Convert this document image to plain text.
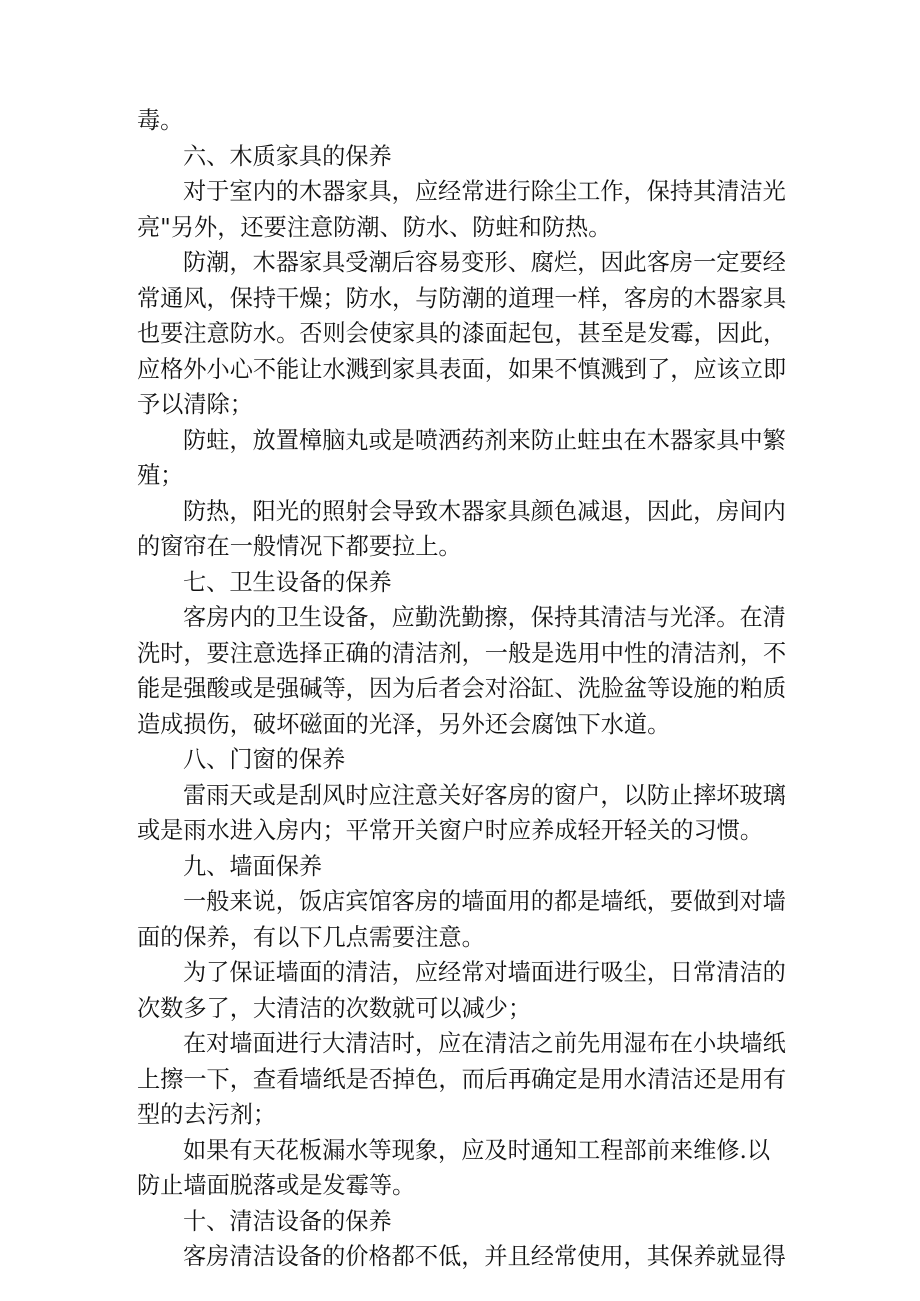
毒。
六、木质家具的保养
对于室内的木器家具，应经常进行除尘工作，保持其清洁光
亮"另外，还要注意防潮、防水、防蛀和防热。
防潮，木器家具受潮后容易变形、腐烂，因此客房一定要经
常通风，保持干燥；防水，与防潮的道理一样，客房的木器家具
也要注意防水。否则会使家具的漆面起包，甚至是发霉，因此，
应格外小心不能让水溅到家具表面，如果不慎溅到了，应该立即
予以清除；
防蛀，放置樟脑丸或是喷洒药剂来防止蛀虫在木器家具中繁
殖；
防热，阳光的照射会导致木器家具颜色减退，因此，房间内
的窗帘在一般情况下都要拉上。
七、卫生设备的保养
客房内的卫生设备，应勤洗勤擦，保持其清洁与光泽。在清
洗时，要注意选择正确的清洁剂，一般是选用中性的清洁剂，不
能是强酸或是强碱等，因为后者会对浴缸、洗脸盆等设施的粕质
造成损伤，破坏磁面的光泽，另外还会腐蚀下水道。
八、门窗的保养
雷雨天或是刮风时应注意关好客房的窗户，以防止摔坏玻璃
或是雨水进入房内；平常开关窗户时应养成轻开轻关的习惯。
九、墙面保养
一般来说，饭店宾馆客房的墙面用的都是墙纸，要做到对墙
面的保养，有以下几点需要注意。
为了保证墙面的清洁，应经常对墙面进行吸尘，日常清洁的
次数多了，大清洁的次数就可以减少；
在对墙面进行大清洁时，应在清洁之前先用湿布在小块墙纸
上擦一下，查看墙纸是否掉色，而后再确定是用水清洁还是用有
型的去污剂；
如果有天花板漏水等现象，应及时通知工程部前来维修.以
防止墙面脱落或是发霉等。
十、清洁设备的保养
客房清洁设备的价格都不低，并且经常使用，其保养就显得
